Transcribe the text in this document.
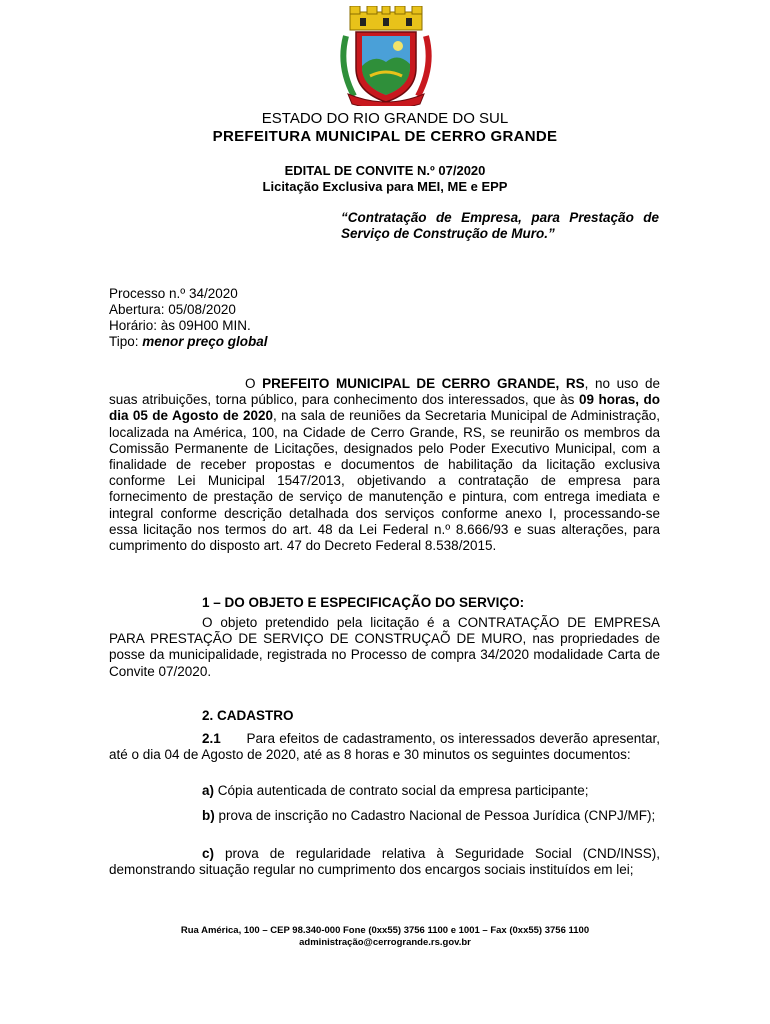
ESTADO DO RIO GRANDE DO SUL
PREFEITURA MUNICIPAL DE CERRO GRANDE
EDITAL DE CONVITE N.º 07/2020
Licitação Exclusiva para MEI, ME e EPP
“Contratação de Empresa, para Prestação de Serviço de Construção de Muro.”
Processo n.º 34/2020
Abertura: 05/08/2020
Horário: às 09H00 MIN.
Tipo: menor preço global
O PREFEITO MUNICIPAL DE CERRO GRANDE, RS, no uso de suas atribuições, torna público, para conhecimento dos interessados, que às 09 horas, do dia 05 de Agosto de 2020, na sala de reuniões da Secretaria Municipal de Administração, localizada na América, 100, na Cidade de Cerro Grande, RS, se reunirão os membros da Comissão Permanente de Licitações, designados pelo Poder Executivo Municipal, com a finalidade de receber propostas e documentos de habilitação da licitação exclusiva conforme Lei Municipal 1547/2013, objetivando a contratação de empresa para fornecimento de prestação de serviço de manutenção e pintura, com entrega imediata e integral conforme descrição detalhada dos serviços conforme anexo I, processando-se essa licitação nos termos do art. 48 da Lei Federal n.º 8.666/93 e suas alterações, para cumprimento do disposto art. 47 do Decreto Federal 8.538/2015.
1 – DO OBJETO E ESPECIFICAÇÃO DO SERVIÇO:
O objeto pretendido pela licitação é a CONTRATAÇÃO DE EMPRESA PARA PRESTAÇÃO DE SERVIÇO DE CONSTRUÇAÕ DE MURO, nas propriedades de posse da municipalidade, registrada no Processo de compra 34/2020 modalidade Carta de Convite 07/2020.
2. CADASTRO
2.1 Para efeitos de cadastramento, os interessados deverão apresentar, até o dia 04 de Agosto de 2020, até as 8 horas e 30 minutos os seguintes documentos:
a) Cópia autenticada de contrato social da empresa participante;
b) prova de inscrição no Cadastro Nacional de Pessoa Jurídica (CNPJ/MF);
c) prova de regularidade relativa à Seguridade Social (CND/INSS), demonstrando situação regular no cumprimento dos encargos sociais instituídos em lei;
Rua América, 100 – CEP 98.340-000 Fone (0xx55) 3756 1100 e 1001 – Fax (0xx55) 3756 1100
administração@cerrogrande.rs.gov.br
